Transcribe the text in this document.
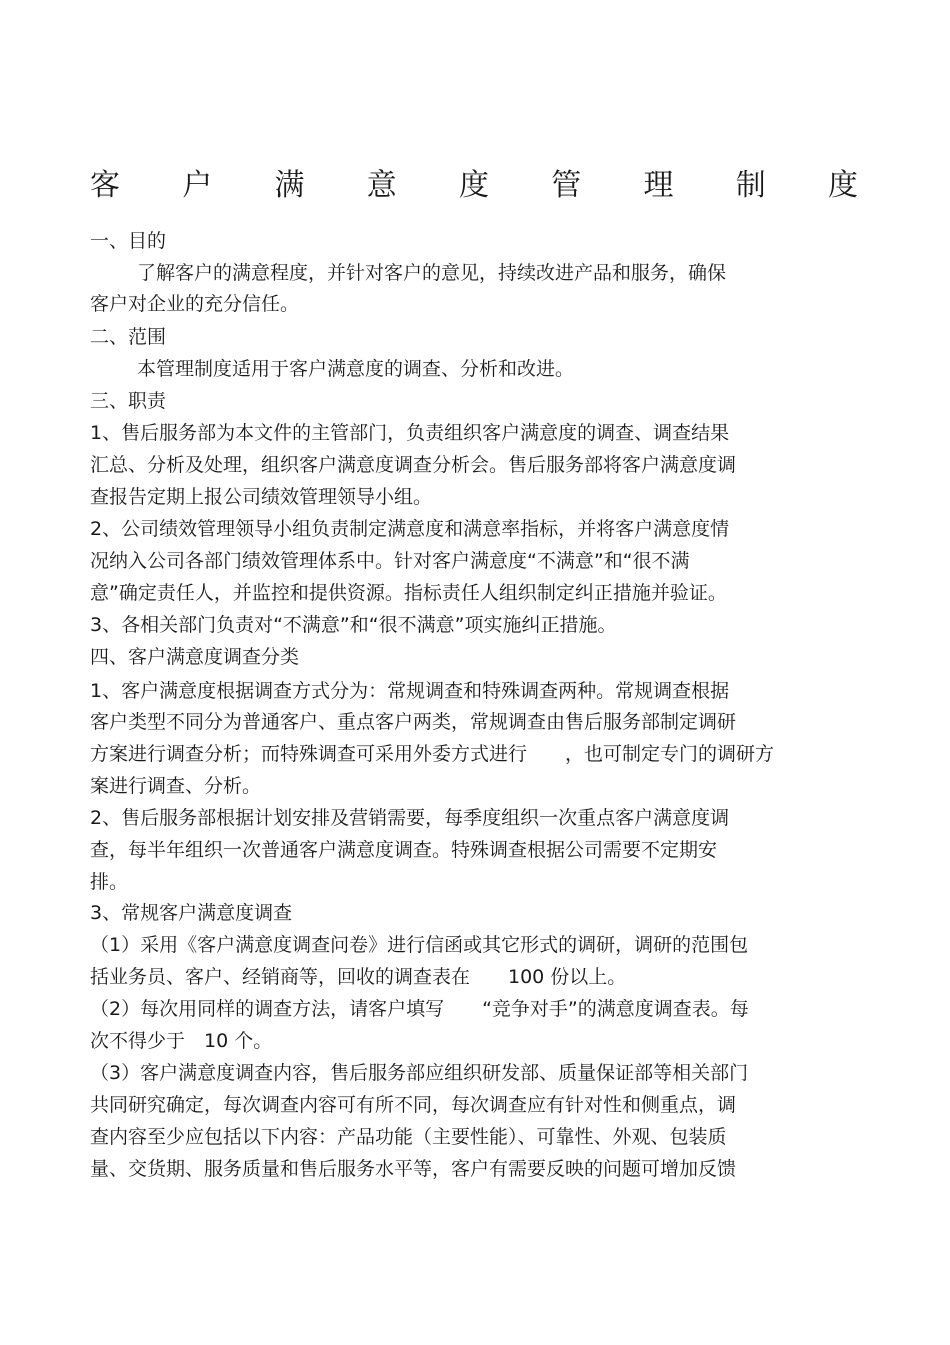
客 户 满 意 度 管 理 制 度
一、目的
了解客户的满意程度，并针对客户的意见，持续改进产品和服务，确保
客户对企业的充分信任。
二、范围
本管理制度适用于客户满意度的调查、分析和改进。
三、职责
1、售后服务部为本文件的主管部门，负责组织客户满意度的调查、调查结果
汇总、分析及处理，组织客户满意度调查分析会。售后服务部将客户满意度调
查报告定期上报公司绩效管理领导小组。
2、公司绩效管理领导小组负责制定满意度和满意率指标，并将客户满意度情
况纳入公司各部门绩效管理体系中。针对客户满意度“不满意”和“很不满
意”确定责任人，并监控和提供资源。指标责任人组织制定纠正措施并验证。
3、各相关部门负责对“不满意”和“很不满意”项实施纠正措施。
四、客户满意度调查分类
1、客户满意度根据调查方式分为：常规调查和特殊调查两种。常规调查根据
客户类型不同分为普通客户、重点客户两类，常规调查由售后服务部制定调研
方案进行调查分析；而特殊调查可采用外委方式进行　　，也可制定专门的调研方
案进行调查、分析。
2、售后服务部根据计划安排及营销需要，每季度组织一次重点客户满意度调
查，每半年组织一次普通客户满意度调查。特殊调查根据公司需要不定期安
排。
3、常规客户满意度调查
（1）采用《客户满意度调查问卷》进行信函或其它形式的调研，调研的范围包
括业务员、客户、经销商等，回收的调查表在　　100 份以上。
（2）每次用同样的调查方法，请客户填写　　“竞争对手”的满意度调查表。每
次不得少于　10 个。
（3）客户满意度调查内容，售后服务部应组织研发部、质量保证部等相关部门
共同研究确定，每次调查内容可有所不同，每次调查应有针对性和侧重点，调
查内容至少应包括以下内容：产品功能（主要性能）、可靠性、外观、包装质
量、交货期、服务质量和售后服务水平等，客户有需要反映的问题可增加反馈
